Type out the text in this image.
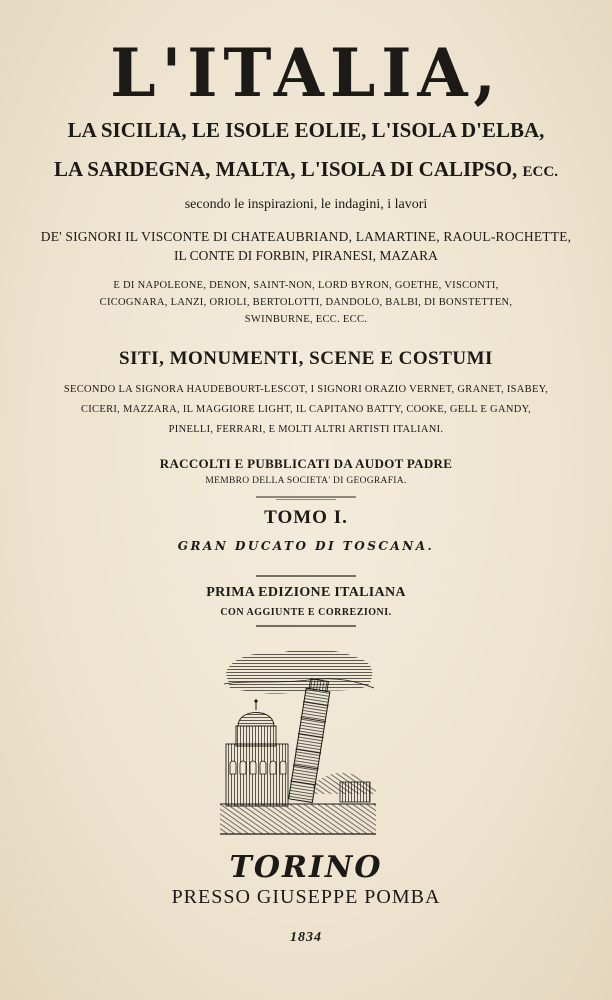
L'ITALIA,
LA SICILIA, LE ISOLE EOLIE, L'ISOLA D'ELBA,
LA SARDEGNA, MALTA, L'ISOLA DI CALIPSO, ECC.
secondo le inspirazioni, le indagini, i lavori
DE' SIGNORI IL VISCONTE DI CHATEAUBRIAND, LAMARTINE, RAOUL-ROCHETTE,
IL CONTE DI FORBIN, PIRANESI, MAZARA
E DI NAPOLEONE, DENON, SAINT-NON, LORD BYRON, GOETHE, VISCONTI,
CICOGNARA, LANZI, ORIOLI, BERTOLOTTI, DANDOLO, BALBI, DI BONSTETTEN,
SWINBURNE, ECC. ECC.
SITI, MONUMENTI, SCENE E COSTUMI
SECONDO LA SIGNORA HAUDEBOURT-LESCOT, I SIGNORI ORAZIO VERNET, GRANET, ISABEY,
CICERI, MAZZARA, IL MAGGIORE LIGHT, IL CAPITANO BATTY, COOKE, GELL E GANDY,
PINELLI, FERRARI, E MOLTI ALTRI ARTISTI ITALIANI.
RACCOLTI E PUBBLICATI DA AUDOT PADRE
MEMBRO DELLA SOCIETA' DI GEOGRAFIA.
TOMO I.
GRAN DUCATO DI TOSCANA.
PRIMA EDIZIONE ITALIANA
CON AGGIUNTE E CORREZIONI.
TORINO
PRESSO GIUSEPPE POMBA
1834
